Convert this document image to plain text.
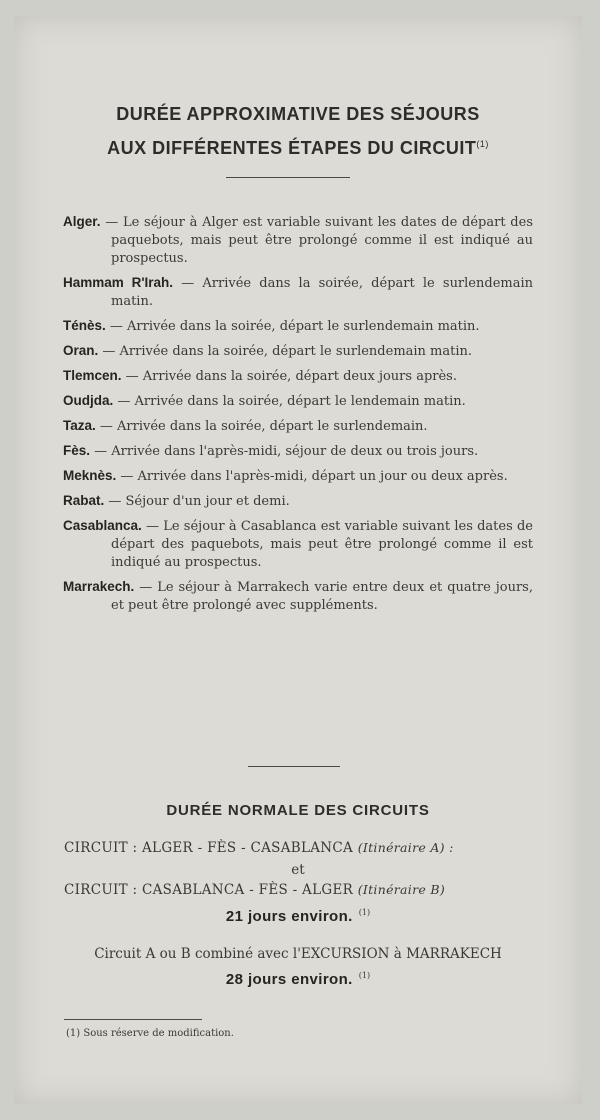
DURÉE APPROXIMATIVE DES SÉJOURS
AUX DIFFÉRENTES ÉTAPES DU CIRCUIT$^{(1)}$
Alger. — Le séjour à Alger est variable suivant les dates de départ des paquebots, mais peut être prolongé comme il est indiqué au prospectus.
Hammam R'Irah. — Arrivée dans la soirée, départ le surlendemain matin.
Ténès. — Arrivée dans la soirée, départ le surlendemain matin.
Oran. — Arrivée dans la soirée, départ le surlendemain matin.
Tlemcen. — Arrivée dans la soirée, départ deux jours après.
Oudjda. — Arrivée dans la soirée, départ le lendemain matin.
Taza. — Arrivée dans la soirée, départ le surlendemain.
Fès. — Arrivée dans l'après-midi, séjour de deux ou trois jours.
Meknès. — Arrivée dans l'après-midi, départ un jour ou deux après.
Rabat. — Séjour d'un jour et demi.
Casablanca. — Le séjour à Casablanca est variable suivant les dates de départ des paquebots, mais peut être prolongé comme il est indiqué au prospectus.
Marrakech. — Le séjour à Marrakech varie entre deux et quatre jours, et peut être prolongé avec suppléments.
DURÉE NORMALE DES CIRCUITS
CIRCUIT : ALGER - FÈS - CASABLANCA (Itinéraire A) :
et
CIRCUIT : CASABLANCA - FÈS - ALGER (Itinéraire B)
21 jours environ. $^{(1)}$
Circuit A ou B combiné avec l'EXCURSION à MARRAKECH
28 jours environ. $^{(1)}$
(1) Sous réserve de modification.
